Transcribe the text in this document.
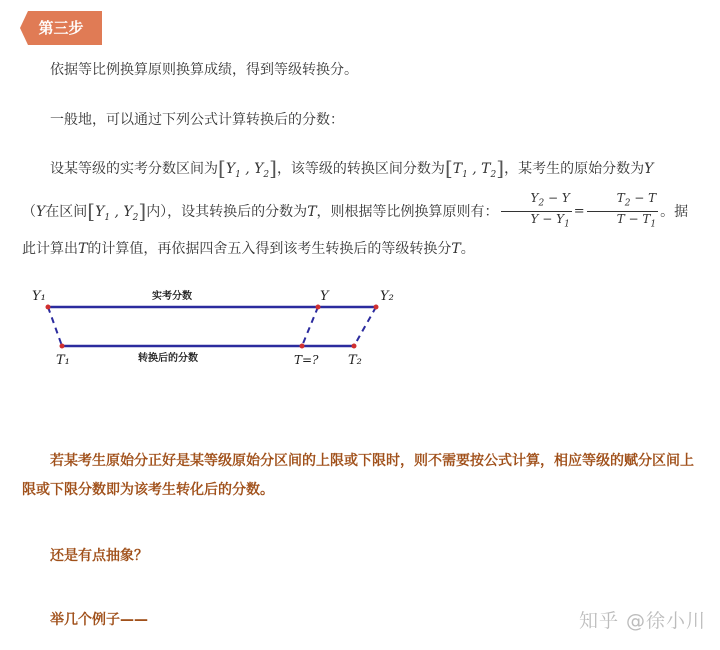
第三步

依据等比例换算原则换算成绩，得到等级转换分。

一般地，可以通过下列公式计算转换后的分数：

设某等级的实考分数区间为[$Y_1$ , $Y_2$]，该等级的转换区间分数为[$T_1$ , $T_2$]，某考生的原始分数为Y
（Y在区间[$Y_1$ , $Y_2$]内），设其转换后的分数为T，则根据等比例换算原则有： $\frac{Y_2 - Y}{Y - Y_1} = \frac{T_2 - T}{T - T_1}$ 。据此计算出T的计算值，再依据四舍五入得到该考生转换后的等级转换分T。

Y₁	Y	Y₂
实考分数
T₁	T=? T₂
转换后的分数

若某考生原始分正好是某等级原始分区间的上限或下限时，则不需要按公式计算，相应等级的赋分区间上限或下限分数即为该考生转化后的分数。

还是有点抽象？

举几个例子——	知乎 @徐小川
